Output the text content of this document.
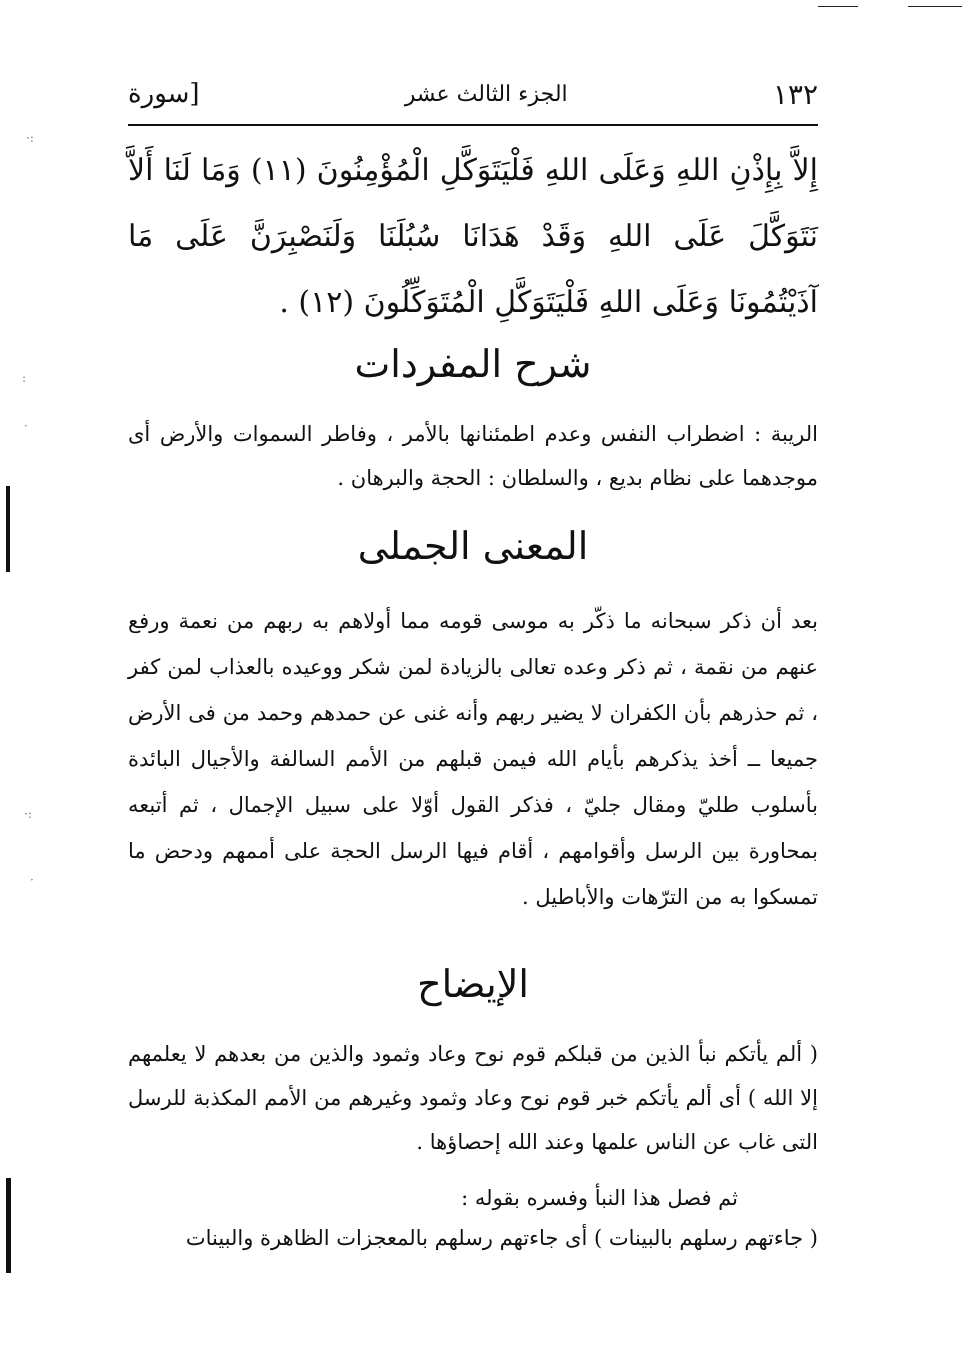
·:
:
·
·:
·
١٣٢
الجزء الثالث عشر
[سورة
إِلاَّ بِإِذْنِ اللهِ وَعَلَى اللهِ فَلْيَتَوَكَّلِ الْمُؤْمِنُونَ (١١) وَمَا لَنَا أَلاَّ نَتَوَكَّلَ عَلَى اللهِ وَقَدْ هَدَانَا سُبُلَنَا وَلَنَصْبِرَنَّ عَلَى مَا آذَيْتُمُونَا وَعَلَى اللهِ فَلْيَتَوَكَّلِ الْمُتَوَكِّلُونَ (١٢) .
شرح المفردات
الريبة : اضطراب النفس وعدم اطمئنانها بالأمر ، وفاطر السموات والأرض أى موجدهما على نظام بديع ، والسلطان : الحجة والبرهان .
المعنى الجملى
بعد أن ذكر سبحانه ما ذكّر به موسى قومه مما أولاهم به ربهم من نعمة ورفع عنهم من نقمة ، ثم ذكر وعده تعالى بالزيادة لمن شكر ووعيده بالعذاب لمن كفر ، ثم حذرهم بأن الكفران لا يضير ربهم وأنه غنى عن حمدهم وحمد من فى الأرض جميعا ــ أخذ يذكرهم بأيام الله فيمن قبلهم من الأمم السالفة والأجيال البائدة بأسلوب طليّ ومقال جليّ ، فذكر القول أوّلا على سبيل الإجمال ، ثم أتبعه بمحاورة بين الرسل وأقوامهم ، أقام فيها الرسل الحجة على أممهم ودحض ما تمسكوا به من الترّهات والأباطيل .
الإيضاح
( ألم يأتكم نبأ الذين من قبلكم قوم نوح وعاد وثمود والذين من بعدهم لا يعلمهم إلا الله ) أى ألم يأتكم خبر قوم نوح وعاد وثمود وغيرهم من الأمم المكذبة للرسل التى غاب عن الناس علمها وعند الله إحصاؤها .
ثم فصل هذا النبأ وفسره بقوله :
( جاءتهم رسلهم بالبينات ) أى جاءتهم رسلهم بالمعجزات الظاهرة والبينات
